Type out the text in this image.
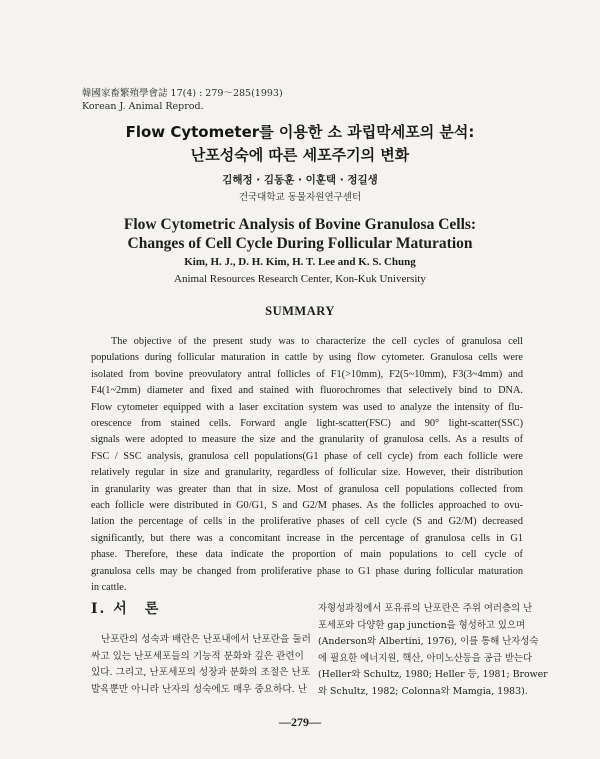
韓國家畜繁殖學會誌 17(4) : 279～285(1993)
Korean J. Animal Reprod.
Flow Cytometer를 이용한 소 과립막세포의 분석:
난포성숙에 따른 세포주기의 변화
김해정 · 김동훈 · 이훈택 · 정길생
건국대학교 동물자원연구센터
Flow Cytometric Analysis of Bovine Granulosa Cells:
Changes of Cell Cycle During Follicular Maturation
Kim, H. J., D. H. Kim, H. T. Lee and K. S. Chung
Animal Resources Research Center, Kon-Kuk University
SUMMARY
The objective of the present study was to characterize the cell cycles of granulosa cell
populations during follicular maturation in cattle by using flow cytometer. Granulosa cells were
isolated from bovine preovulatory antral follicles of F1(>10mm), F2(5~10mm), F3(3~4mm) and
F4(1~2mm) diameter and fixed and stained with fluorochromes that selectively bind to DNA.
Flow cytometer equipped with a laser excitation system was used to analyze the intensity of flu-
orescence from stained cells. Forward angle light-scatter(FSC) and 90° light-scatter(SSC)
signals were adopted to measure the size and the granularity of granulosa cells. As a results of
FSC / SSC analysis, granulosa cell populations(G1 phase of cell cycle) from each follicle were
relatively regular in size and granularity, regardless of follicular size. However, their distribution
in granularity was greater than that in size. Most of granulosa cell populations collected from
each follicle were distributed in G0/G1, S and G2/M phases. As the follicles approached to ovu-
lation the percentage of cells in the proliferative phases of cell cycle (S and G2/M) decreased
significantly, but there was a concomitant increase in the percentage of granulosa cells in G1
phase. Therefore, these data indicate the proportion of main populations to cell cycle of
granulosa cells may be changed from proliferative phase to G1 phase during follicular maturation
in cattle.
I. 서　론
난포란의 성숙과 배란은 난포내에서 난포란을 둘러
싸고 있는 난포세포들의 기능적 분화와 깊은 관련이
있다. 그리고, 난포세포의 성장과 분화의 조절은 난포
발육뿐만 아니라 난자의 성숙에도 매우 중요하다. 난
자형성과정에서 포유류의 난포란은 주위 여러층의 난
포세포와 다양한 gap junction을 형성하고 있으며
(Anderson와 Albertini, 1976), 이를 통해 난자성숙
에 필요한 에너지원, 핵산, 아미노산등을 공급 받는다
(Heller와 Schultz, 1980; Heller 등, 1981; Brower
와 Schultz, 1982; Colonna와 Mamgia, 1983).
—279—
